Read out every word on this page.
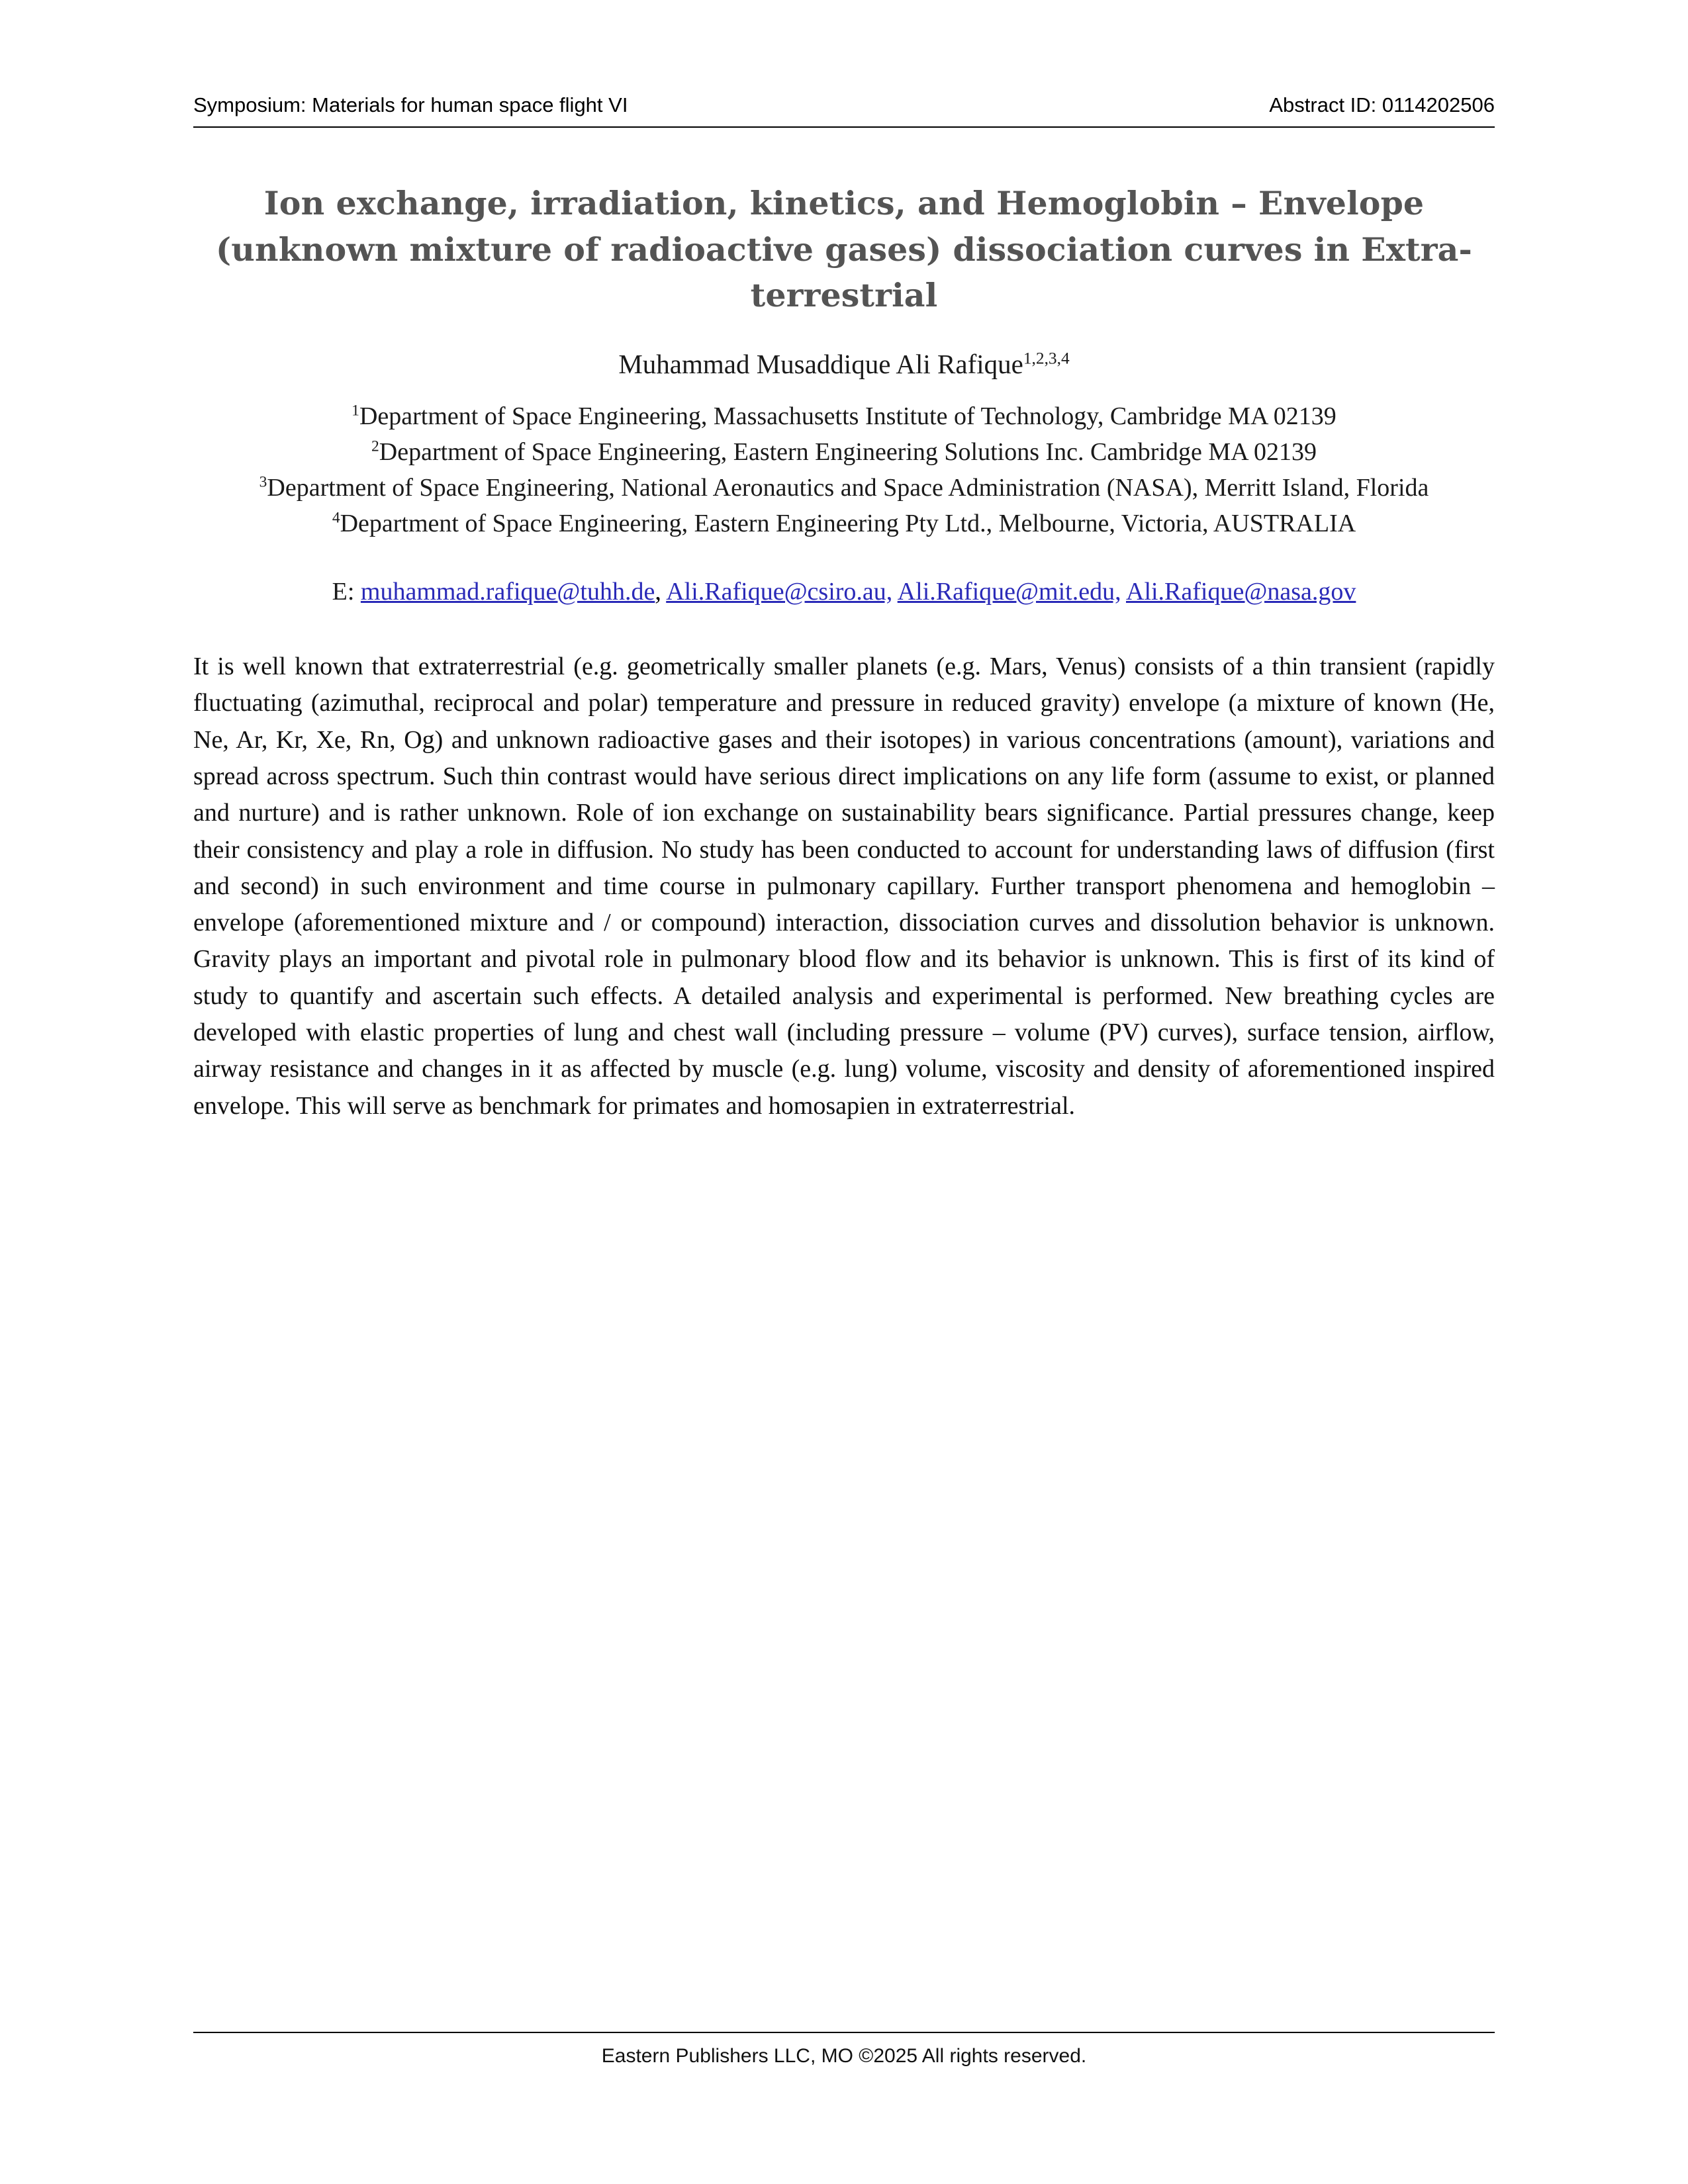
Symposium: Materials for human space flight VI	Abstract ID: 0114202506
Ion exchange, irradiation, kinetics, and Hemoglobin – Envelope (unknown mixture of radioactive gases) dissociation curves in Extra-terrestrial
Muhammad Musaddique Ali Rafique$^{1,2,3,4}$

$^1$Department of Space Engineering, Massachusetts Institute of Technology, Cambridge MA 02139

$^2$Department of Space Engineering, Eastern Engineering Solutions Inc. Cambridge MA 02139

$^3$Department of Space Engineering, National Aeronautics and Space Administration (NASA), Merritt Island, Florida

$^4$Department of Space Engineering, Eastern Engineering Pty Ltd., Melbourne, Victoria, AUSTRALIA

E: muhammad.rafique@tuhh.de, Ali.Rafique@csiro.au, Ali.Rafique@mit.edu, Ali.Rafique@nasa.gov
It is well known that extraterrestrial (e.g. geometrically smaller planets (e.g. Mars, Venus) consists of a thin transient (rapidly fluctuating (azimuthal, reciprocal and polar) temperature and pressure in reduced gravity) envelope (a mixture of known (He, Ne, Ar, Kr, Xe, Rn, Og) and unknown radioactive gases and their isotopes) in various concentrations (amount), variations and spread across spectrum. Such thin contrast would have serious direct implications on any life form (assume to exist, or planned and nurture) and is rather unknown. Role of ion exchange on sustainability bears significance. Partial pressures change, keep their consistency and play a role in diffusion. No study has been conducted to account for understanding laws of diffusion (first and second) in such environment and time course in pulmonary capillary. Further transport phenomena and hemoglobin – envelope (aforementioned mixture and / or compound) interaction, dissociation curves and dissolution behavior is unknown. Gravity plays an important and pivotal role in pulmonary blood flow and its behavior is unknown. This is first of its kind of study to quantify and ascertain such effects. A detailed analysis and experimental is performed. New breathing cycles are developed with elastic properties of lung and chest wall (including pressure – volume (PV) curves), surface tension, airflow, airway resistance and changes in it as affected by muscle (e.g. lung) volume, viscosity and density of aforementioned inspired envelope. This will serve as benchmark for primates and homosapien in extraterrestrial.
Eastern Publishers LLC, MO ©2025 All rights reserved.
